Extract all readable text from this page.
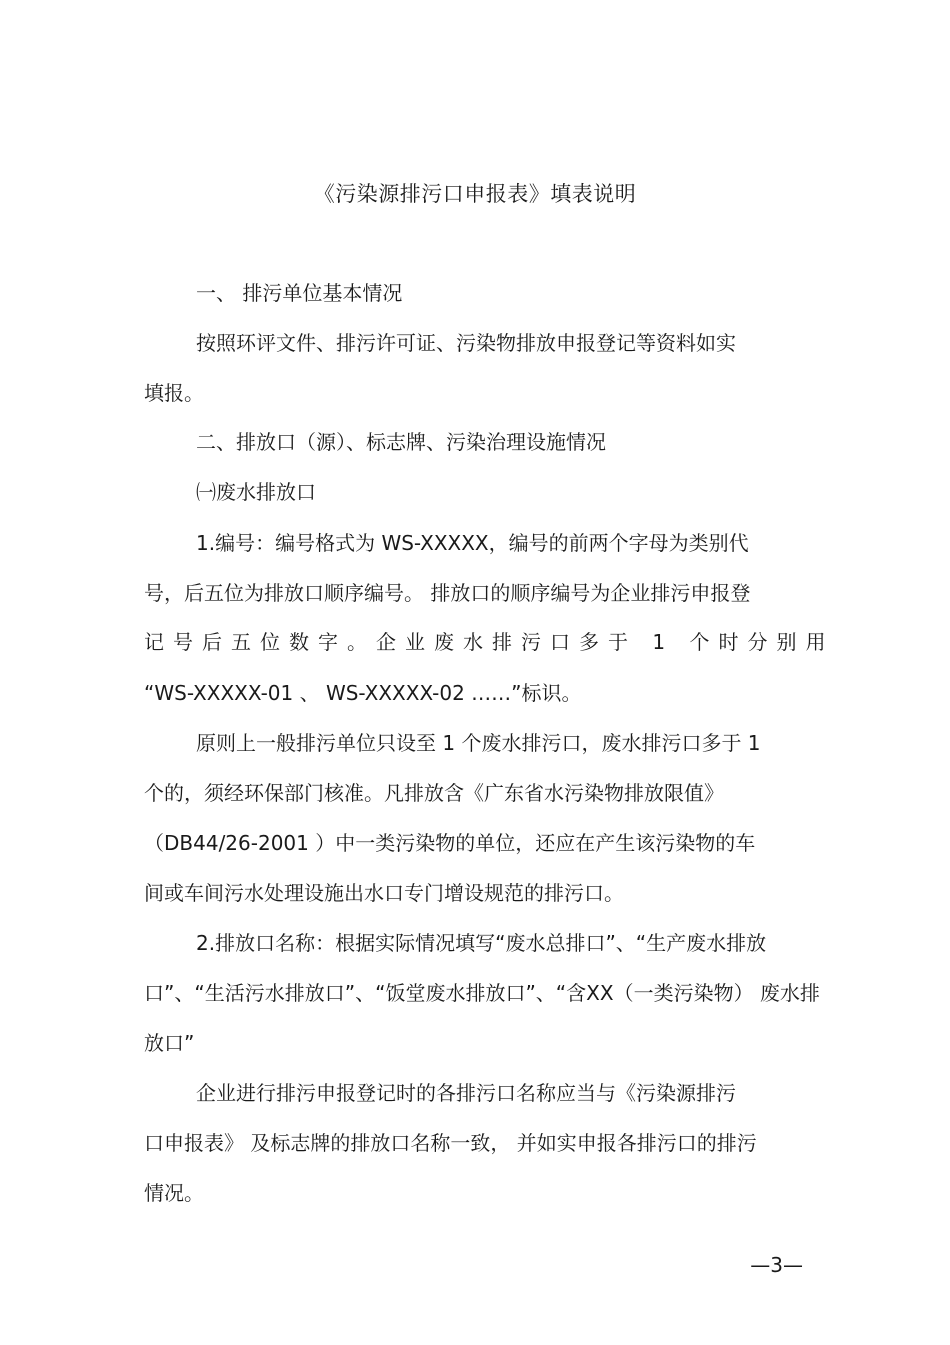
《污染源排污口申报表》填表说明
一、 排污单位基本情况
按照环评文件、排污许可证、污染物排放申报登记等资料如实
填报。
二、排放口（源）、标志牌、污染治理设施情况
㈠废水排放口
1.编号：编号格式为 WS-XXXXX，编号的前两个字母为类别代
号，后五位为排放口顺序编号。 排放口的顺序编号为企业排污申报登
记号后五位数字。企业废水排污口多于 1 个时分别用
“WS-XXXXX-01 、 WS-XXXXX-02 ……”标识。
原则上一般排污单位只设至 1 个废水排污口，废水排污口多于 1
个的，须经环保部门核准。凡排放含《广东省水污染物排放限值》
（DB44/26-2001 ）中一类污染物的单位，还应在产生该污染物的车
间或车间污水处理设施出水口专门增设规范的排污口。
2.排放口名称：根据实际情况填写“废水总排口”、“生产废水排放
口”、“生活污水排放口”、“饭堂废水排放口”、“含XX（一类污染物） 废水排
放口”
企业进行排污申报登记时的各排污口名称应当与《污染源排污
口申报表》 及标志牌的排放口名称一致， 并如实申报各排污口的排污
情况。
—3—
